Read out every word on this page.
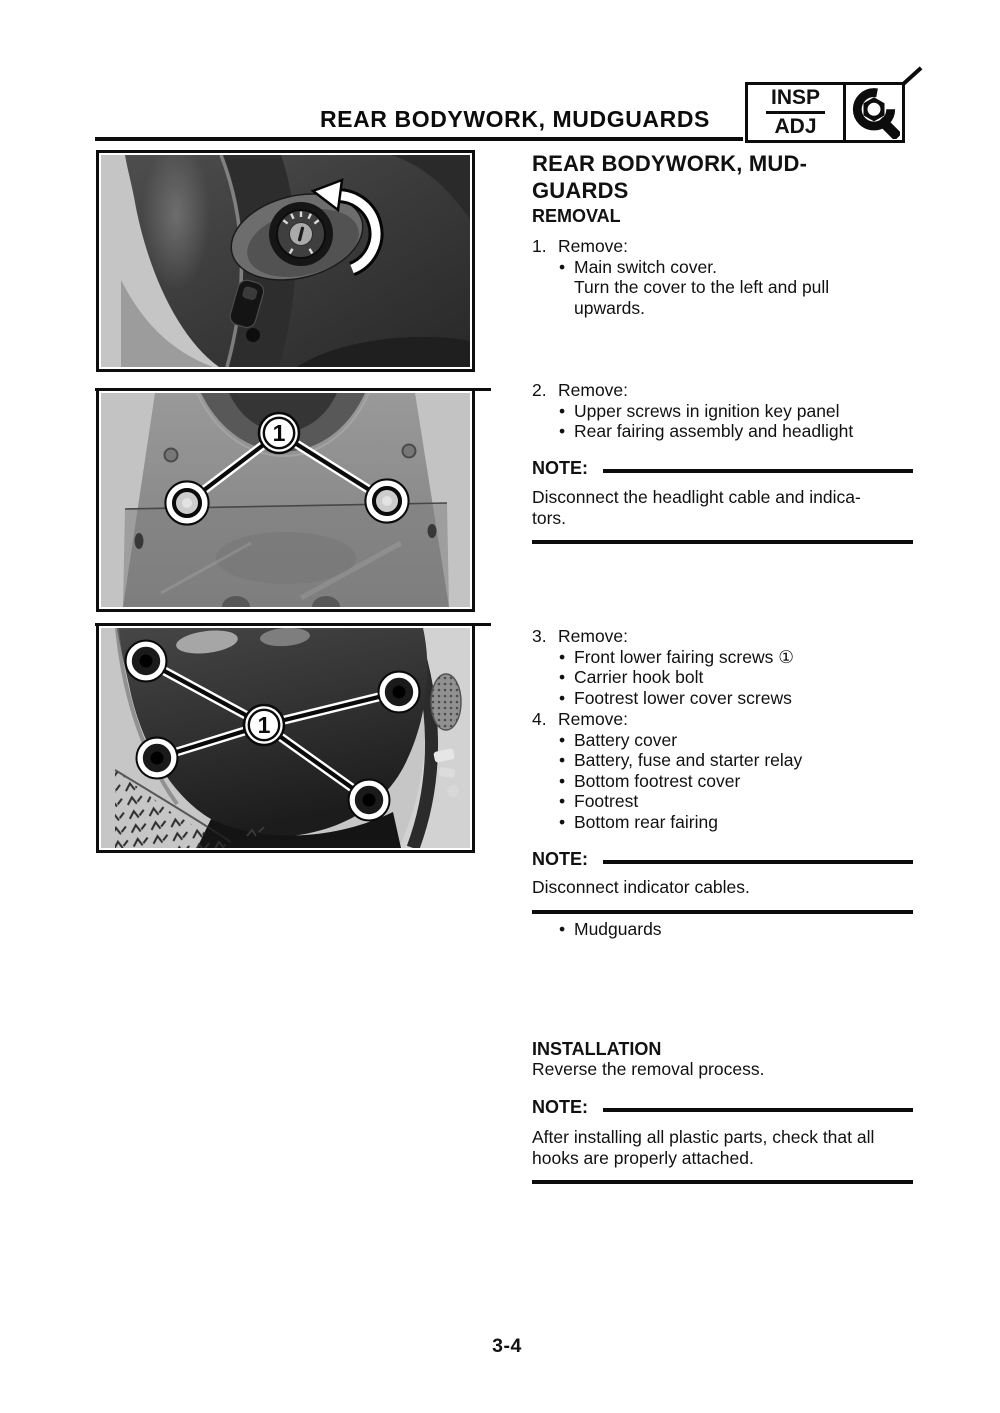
REAR BODYWORK, MUDGUARDS
INSP
ADJ
1
1
REAR BODYWORK, MUD-
GUARDS
REMOVAL
1. Remove:
• Main switch cover.
Turn the cover to the left and pull
upwards.
2. Remove:
• Upper screws in ignition key panel
• Rear fairing assembly and headlight
NOTE:
Disconnect the headlight cable and indica-
tors.
3. Remove:
• Front lower fairing screws ①
• Carrier hook bolt
• Footrest lower cover screws
4. Remove:
• Battery cover
• Battery, fuse and starter relay
• Bottom footrest cover
• Footrest
• Bottom rear fairing
NOTE:
Disconnect indicator cables.
• Mudguards
INSTALLATION
Reverse the removal process.
NOTE:
After installing all plastic parts, check that all
hooks are properly attached.
3-4
